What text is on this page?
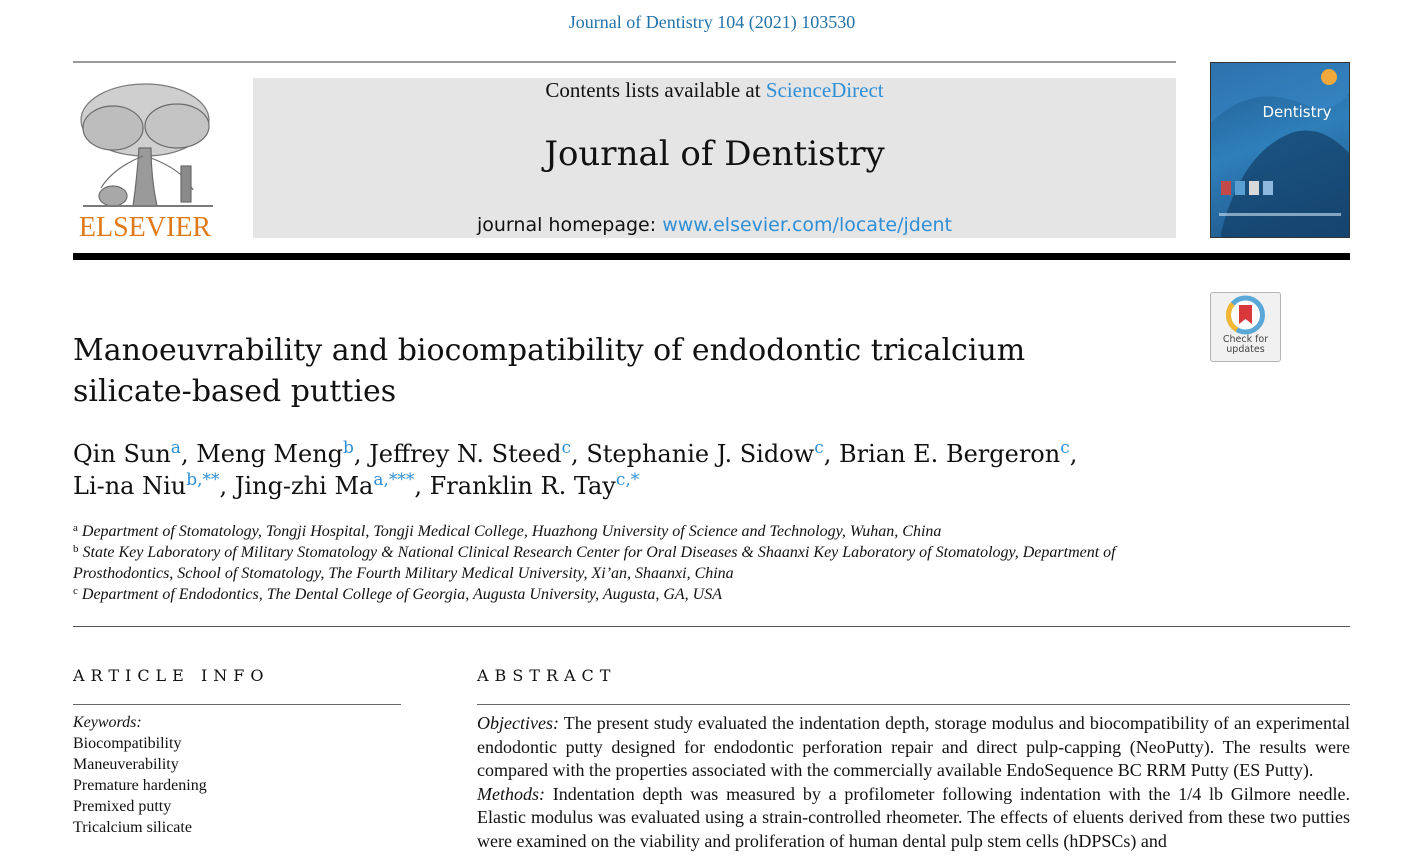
Journal of Dentistry 104 (2021) 103530
ELSEVIER
Contents lists available at ScienceDirect
Journal of Dentistry
journal homepage: www.elsevier.com/locate/jdent
Dentistry
Check for
updates
Manoeuvrability and biocompatibility of endodontic tricalcium
silicate-based putties
Qin Sun$^a$, Meng Meng$^b$, Jeffrey N. Steed$^c$, Stephanie J. Sidow$^c$, Brian E. Bergeron$^c$,
Li-na Niu$^{b,**}$, Jing-zhi $Ma^{a,***}$, Franklin R. Tay$^{c,*}$
$^a$ Department of Stomatology, Tongji Hospital, Tongji Medical College, Huazhong University of Science and Technology, Wuhan, China
$^b$ State Key Laboratory of Military Stomatology & National Clinical Research Center for Oral Diseases & Shaanxi Key Laboratory of Stomatology, Department of Prosthodontics, School of Stomatology, The Fourth Military Medical University, Xi’an, Shaanxi, China
$^c$ Department of Endodontics, The Dental College of Georgia, Augusta University, Augusta, GA, USA
ARTICLE INFO	ABSTRACT
Keywords:
Biocompatibility
Maneuverability
Premature hardening
Premixed putty
Tricalcium silicate

Objectives: The present study evaluated the indentation depth, storage modulus and biocompatibility of an experimental endodontic putty designed for endodontic perforation repair and direct pulp-capping (NeoPutty). The results were compared with the properties associated with the commercially available EndoSequence BC RRM Putty (ES Putty).

Methods: Indentation depth was measured by a profilometer following indentation with the 1/4 lb Gilmore needle. Elastic modulus was evaluated using a strain-controlled rheometer. The effects of eluents derived from these two putties were examined on the viability and proliferation of human dental pulp stem cells (hDPSCs) and
